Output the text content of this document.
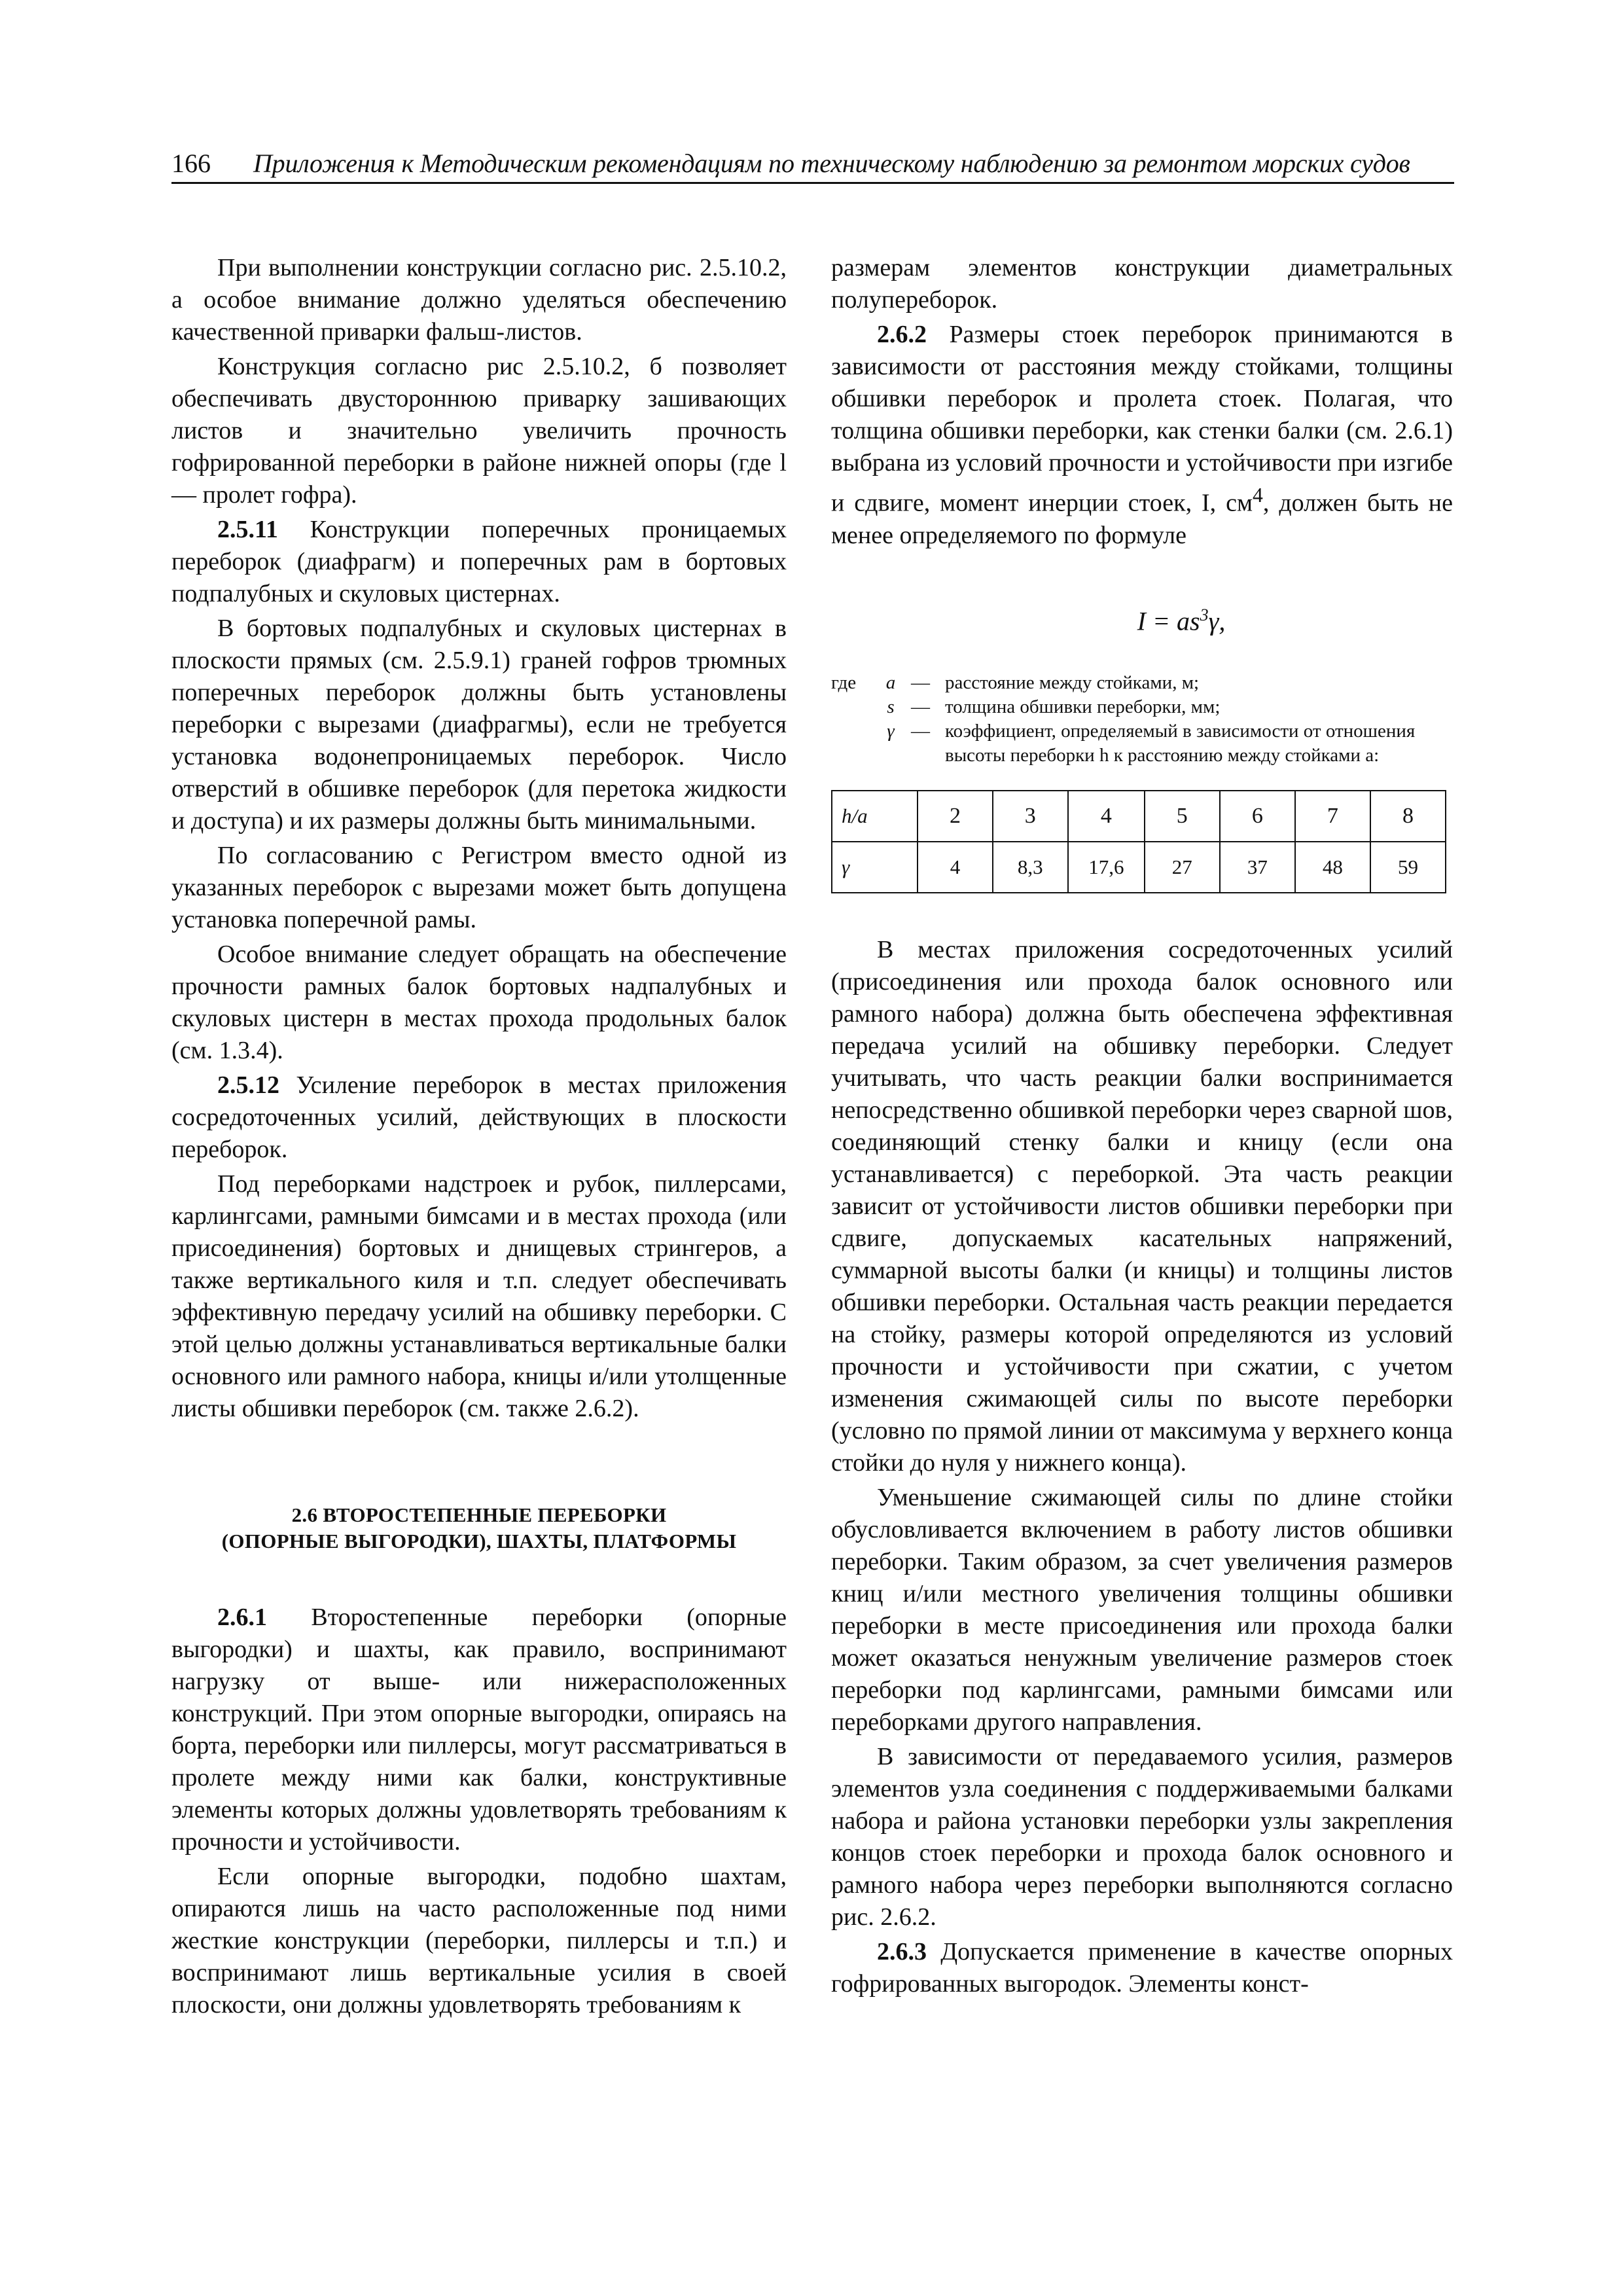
166 Приложения к Методическим рекомендациям по техническому наблюдению за ремонтом морских судов

При выполнении конструкции согласно рис. 2.5.10.2, а особое внимание должно уделяться обеспечению качественной приварки фальш-листов.

Конструкция согласно рис 2.5.10.2, б позволяет обеспечивать двустороннюю приварку зашивающих листов и значительно увеличить прочность гофрированной переборки в районе нижней опоры (где l — пролет гофра).

2.5.11 Конструкции поперечных проницаемых переборок (диафрагм) и поперечных рам в бортовых подпалубных и скуловых цистернах.

В бортовых подпалубных и скуловых цистернах в плоскости прямых (см. 2.5.9.1) граней гофров трюмных поперечных переборок должны быть установлены переборки с вырезами (диафрагмы), если не требуется установка водонепроницаемых переборок. Число отверстий в обшивке переборок (для перетока жидкости и доступа) и их размеры должны быть минимальными.

По согласованию с Регистром вместо одной из указанных переборок с вырезами может быть допущена установка поперечной рамы.

Особое внимание следует обращать на обеспечение прочности рамных балок бортовых надпалубных и скуловых цистерн в местах прохода продольных балок (см. 1.3.4).

2.5.12 Усиление переборок в местах приложения сосредоточенных усилий, действующих в плоскости переборок.

Под переборками надстроек и рубок, пиллерсами, карлингсами, рамными бимсами и в местах прохода (или присоединения) бортовых и днищевых стрингеров, а также вертикального киля и т.п. следует обеспечивать эффективную передачу усилий на обшивку переборки. С этой целью должны устанавливаться вертикальные балки основного или рамного набора, кницы и/или утолщенные листы обшивки переборок (см. также 2.6.2).

2.6 ВТОРОСТЕПЕННЫЕ ПЕРЕБОРКИ
(ОПОРНЫЕ ВЫГОРОДКИ), ШАХТЫ, ПЛАТФОРМЫ

2.6.1 Второстепенные переборки (опорные выгородки) и шахты, как правило, воспринимают нагрузку от выше- или нижерасположенных конструкций. При этом опорные выгородки, опираясь на борта, переборки или пиллерсы, могут рассматриваться в пролете между ними как балки, конструктивные элементы которых должны удовлетворять требованиям к прочности и устойчивости.

Если опорные выгородки, подобно шахтам, опираются лишь на часто расположенные под ними жесткие конструкции (переборки, пиллерсы и т.п.) и воспринимают лишь вертикальные усилия в своей плоскости, они должны удовлетворять требованиям к

размерам элементов конструкции диаметральных полупереборок.

2.6.2 Размеры стоек переборок принимаются в зависимости от расстояния между стойками, толщины обшивки переборок и пролета стоек. Полагая, что толщина обшивки переборки, как стенки балки (см. 2.6.1) выбрана из условий прочности и устойчивости при изгибе и сдвиге, момент инерции стоек, I, $см^4$, должен быть не менее определяемого по формуле

$I = as^3\gamma$,
где	a — расстояние между стойками, м;
s — толщина обшивки переборки, мм;
γ — коэффициент, определяемый в зависимости от отношения
высоты переборки h к расстоянию между стойками a:
h/a	2	3	4	5	6	7	8
γ	4	8,3	17,6	27	37	48	59

В местах приложения сосредоточенных усилий (присоединения или прохода балок основного или рамного набора) должна быть обеспечена эффективная передача усилий на обшивку переборки. Следует учитывать, что часть реакции балки воспринимается непосредственно обшивкой переборки через сварной шов, соединяющий стенку балки и кницу (если она устанавливается) с переборкой. Эта часть реакции зависит от устойчивости листов обшивки переборки при сдвиге, допускаемых касательных напряжений, суммарной высоты балки (и кницы) и толщины листов обшивки переборки. Остальная часть реакции передается на стойку, размеры которой определяются из условий прочности и устойчивости при сжатии, с учетом изменения сжимающей силы по высоте переборки (условно по прямой линии от максимума у верхнего конца стойки до нуля у нижнего конца).

Уменьшение сжимающей силы по длине стойки обусловливается включением в работу листов обшивки переборки. Таким образом, за счет увеличения размеров книц и/или местного увеличения толщины обшивки переборки в месте присоединения или прохода балки может оказаться ненужным увеличение размеров стоек переборки под карлингсами, рамными бимсами или переборками другого направления.

В зависимости от передаваемого усилия, размеров элементов узла соединения с поддерживаемыми балками набора и района установки переборки узлы закрепления концов стоек переборки и прохода балок основного и рамного набора через переборки выполняются согласно рис. 2.6.2.

2.6.3 Допускается применение в качестве опорных гофрированных выгородок. Элементы конст-
